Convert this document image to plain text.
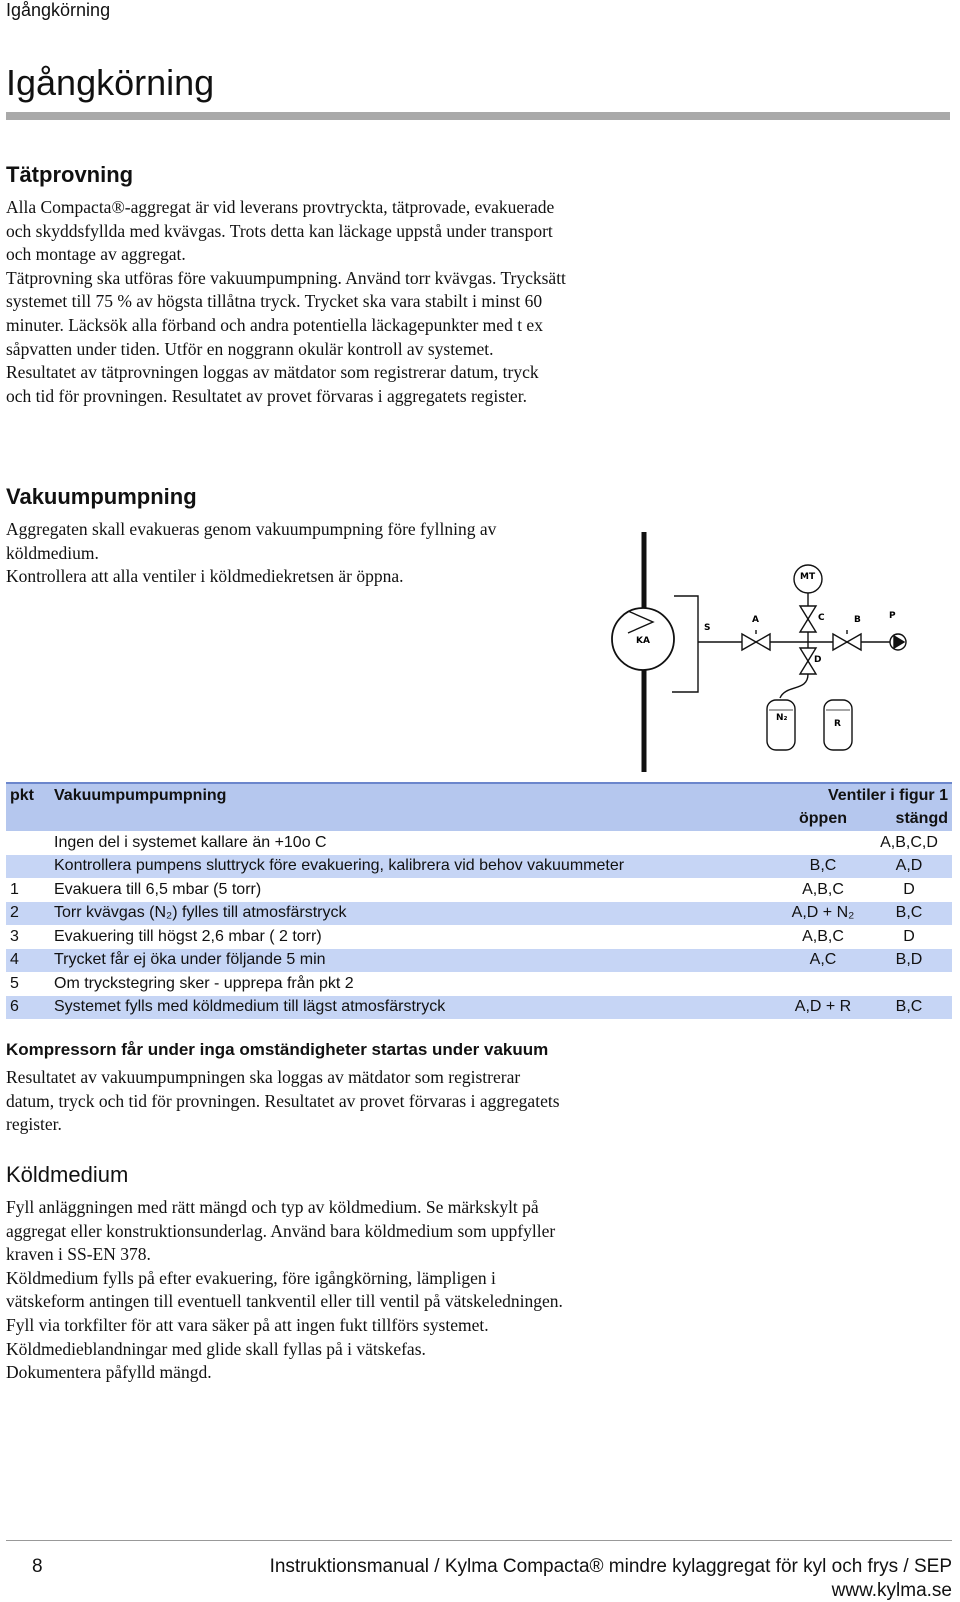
Igångkörning
Igångkörning
Tätprovning

Alla Compacta®-aggregat är vid leverans provtryckta, tätprovade, evakuerade och skyddsfyllda med kvävgas. Trots detta kan läckage uppstå under transport och montage av aggregat.

Tätprovning ska utföras före vakuumpumpning. Använd torr kvävgas. Trycksätt systemet till 75 % av högsta tillåtna tryck. Trycket ska vara stabilt i minst 60 minuter. Läcksök alla förband och andra potentiella läckagepunkter med t ex såpvatten under tiden. Utför en noggrann okulär kontroll av systemet.

Resultatet av tätprovningen loggas av mätdator som registrerar datum, tryck och tid för provningen. Resultatet av provet förvaras i aggregatets register.

Vakuumpumpning

Aggregaten skall evakueras genom vakuumpumpning före fyllning av köldmedium.

Kontrollera att alla ventiler i köldmediekretsen är öppna.

KA
S
A	C	B	P
MT
D
N₂
R
pkt	Vakuumpumpumpning	Ventiler i figur 1	
		öppen	stängd
	Ingen del i systemet kallare än +10o C		A,B,C,D
	Kontrollera pumpens sluttryck före evakuering, kalibrera vid behov vakuummeter	B,C	A,D
1	Evakuera till 6,5 mbar (5 torr)	A,B,C	D
2	Torr kvävgas (N₂) fylles till atmosfärstryck	A,D + N₂	B,C
3	Evakuering till högst 2,6 mbar ( 2 torr)	A,B,C	D
4	Trycket får ej öka under följande 5 min	A,C	B,D
5	Om tryckstegring sker - upprepa från pkt 2		
6	Systemet fylls med köldmedium till lägst atmosfärstryck	A,D + R	B,C
Kompressorn får under inga omständigheter startas under vakuum
Resultatet av vakuumpumpningen ska loggas av mätdator som registrerar datum, tryck och tid för provningen. Resultatet av provet förvaras i aggregatets register.
Köldmedium

Fyll anläggningen med rätt mängd och typ av köldmedium. Se märkskylt på aggregat eller konstruktionsunderlag. Använd bara köldmedium som uppfyller kraven i SS-EN 378.

Köldmedium fylls på efter evakuering, före igångkörning, lämpligen i vätskeform antingen till eventuell tankventil eller till ventil på vätskeledningen.

Fyll via torkfilter för att vara säker på att ingen fukt tillförs systemet.

Köldmedieblandningar med glide skall fyllas på i vätskefas.

Dokumentera påfylld mängd.

8	Instruktionsmanual / Kylma Compacta® mindre kylaggregat för kyl och frys / SEP
www.kylma.se
